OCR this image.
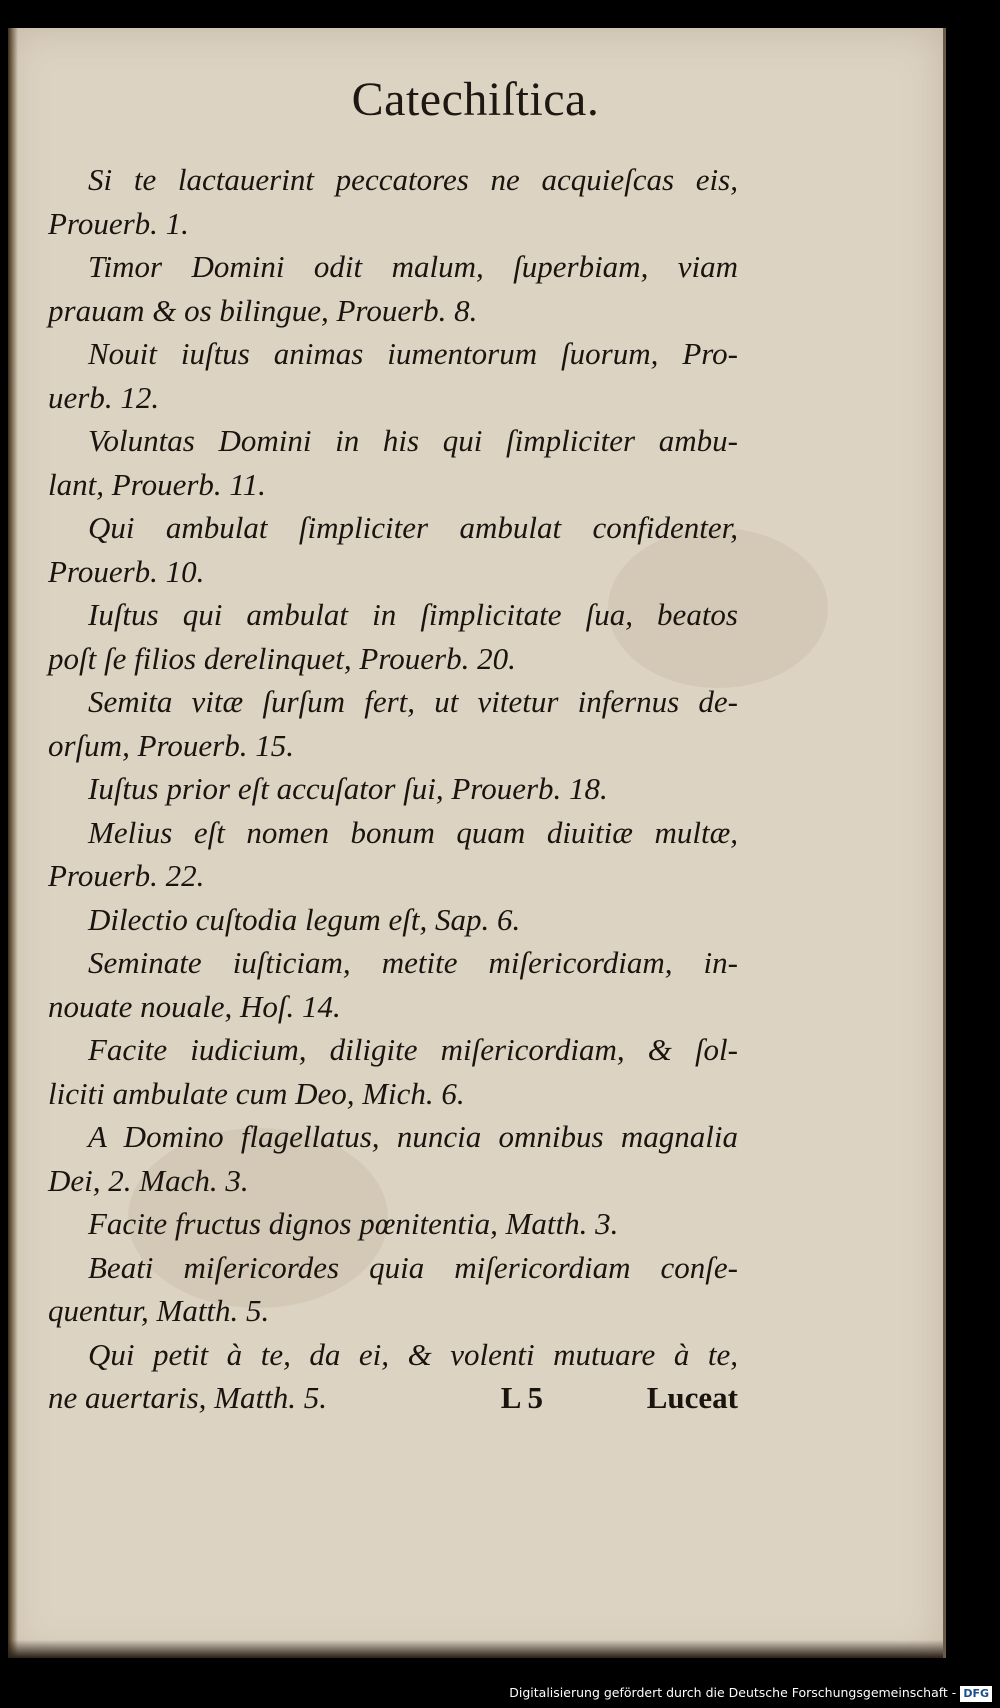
Catechiſtica.
Si te lactauerint peccatores ne acquieſcas eis,
Prouerb. 1.
Timor Domini odit malum, ſuperbiam, viam
prauam & os bilingue, Prouerb. 8.
Nouit iuſtus animas iumentorum ſuorum, Pro-
uerb. 12.
Voluntas Domini in his qui ſimpliciter ambu-
lant, Prouerb. 11.
Qui ambulat ſimpliciter ambulat confidenter,
Prouerb. 10.
Iuſtus qui ambulat in ſimplicitate ſua, beatos
poſt ſe filios derelinquet, Prouerb. 20.
Semita vitæ ſurſum fert, ut vitetur infernus de-
orſum, Prouerb. 15.
Iuſtus prior eſt accuſator ſui, Prouerb. 18.
Melius eſt nomen bonum quam diuitiæ multæ,
Prouerb. 22.
Dilectio cuſtodia legum eſt, Sap. 6.
Seminate iuſticiam, metite miſericordiam, in-
nouate nouale, Hoſ. 14.
Facite iudicium, diligite miſericordiam, & ſol-
liciti ambulate cum Deo, Mich. 6.
A Domino flagellatus, nuncia omnibus magnalia
Dei, 2. Mach. 3.
Facite fructus dignos pœnitentia, Matth. 3.
Beati miſericordes quia miſericordiam conſe-
quentur, Matth. 5.
Qui petit à te, da ei, & volenti mutuare à te,
ne auertaris, Matth. 5.	L 5	Luceat
Digitalisierung gefördert durch die Deutsche Forschungsgemeinschaft - DFG
